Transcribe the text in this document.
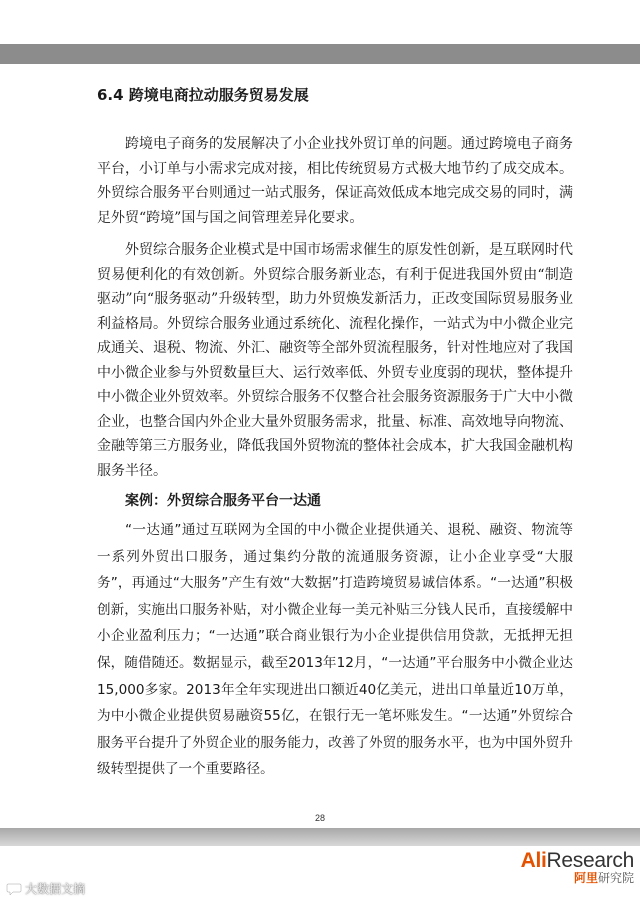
6.4 跨境电商拉动服务贸易发展

跨境电子商务的发展解决了小企业找外贸订单的问题。通过跨境电子商务平台，小订单与小需求完成对接，相比传统贸易方式极大地节约了成交成本。外贸综合服务平台则通过一站式服务，保证高效低成本地完成交易的同时，满足外贸“跨境”国与国之间管理差异化要求。

外贸综合服务企业模式是中国市场需求催生的原发性创新，是互联网时代贸易便利化的有效创新。外贸综合服务新业态，有利于促进我国外贸由“制造驱动”向“服务驱动”升级转型，助力外贸焕发新活力，正改变国际贸易服务业利益格局。外贸综合服务业通过系统化、流程化操作，一站式为中小微企业完成通关、退税、物流、外汇、融资等全部外贸流程服务，针对性地应对了我国中小微企业参与外贸数量巨大、运行效率低、外贸专业度弱的现状，整体提升中小微企业外贸效率。外贸综合服务不仅整合社会服务资源服务于广大中小微企业，也整合国内外企业大量外贸服务需求，批量、标准、高效地导向物流、金融等第三方服务业，降低我国外贸物流的整体社会成本，扩大我国金融机构服务半径。

案例：外贸综合服务平台一达通

“一达通”通过互联网为全国的中小微企业提供通关、退税、融资、物流等一系列外贸出口服务，通过集约分散的流通服务资源，让小企业享受“大服务”，再通过“大服务”产生有效“大数据”打造跨境贸易诚信体系。“一达通”积极创新，实施出口服务补贴，对小微企业每一美元补贴三分钱人民币，直接缓解中小企业盈利压力；“一达通”联合商业银行为小企业提供信用贷款，无抵押无担保，随借随还。数据显示，截至2013年12月，“一达通”平台服务中小微企业达15,000多家。2013年全年实现进出口额近40亿美元，进出口单量近10万单，为中小微企业提供贸易融资55亿，在银行无一笔坏账发生。“一达通”外贸综合服务平台提升了外贸企业的服务能力，改善了外贸的服务水平，也为中国外贸升级转型提供了一个重要路径。

28
AliResearch
阿里研究院
大数据文摘
